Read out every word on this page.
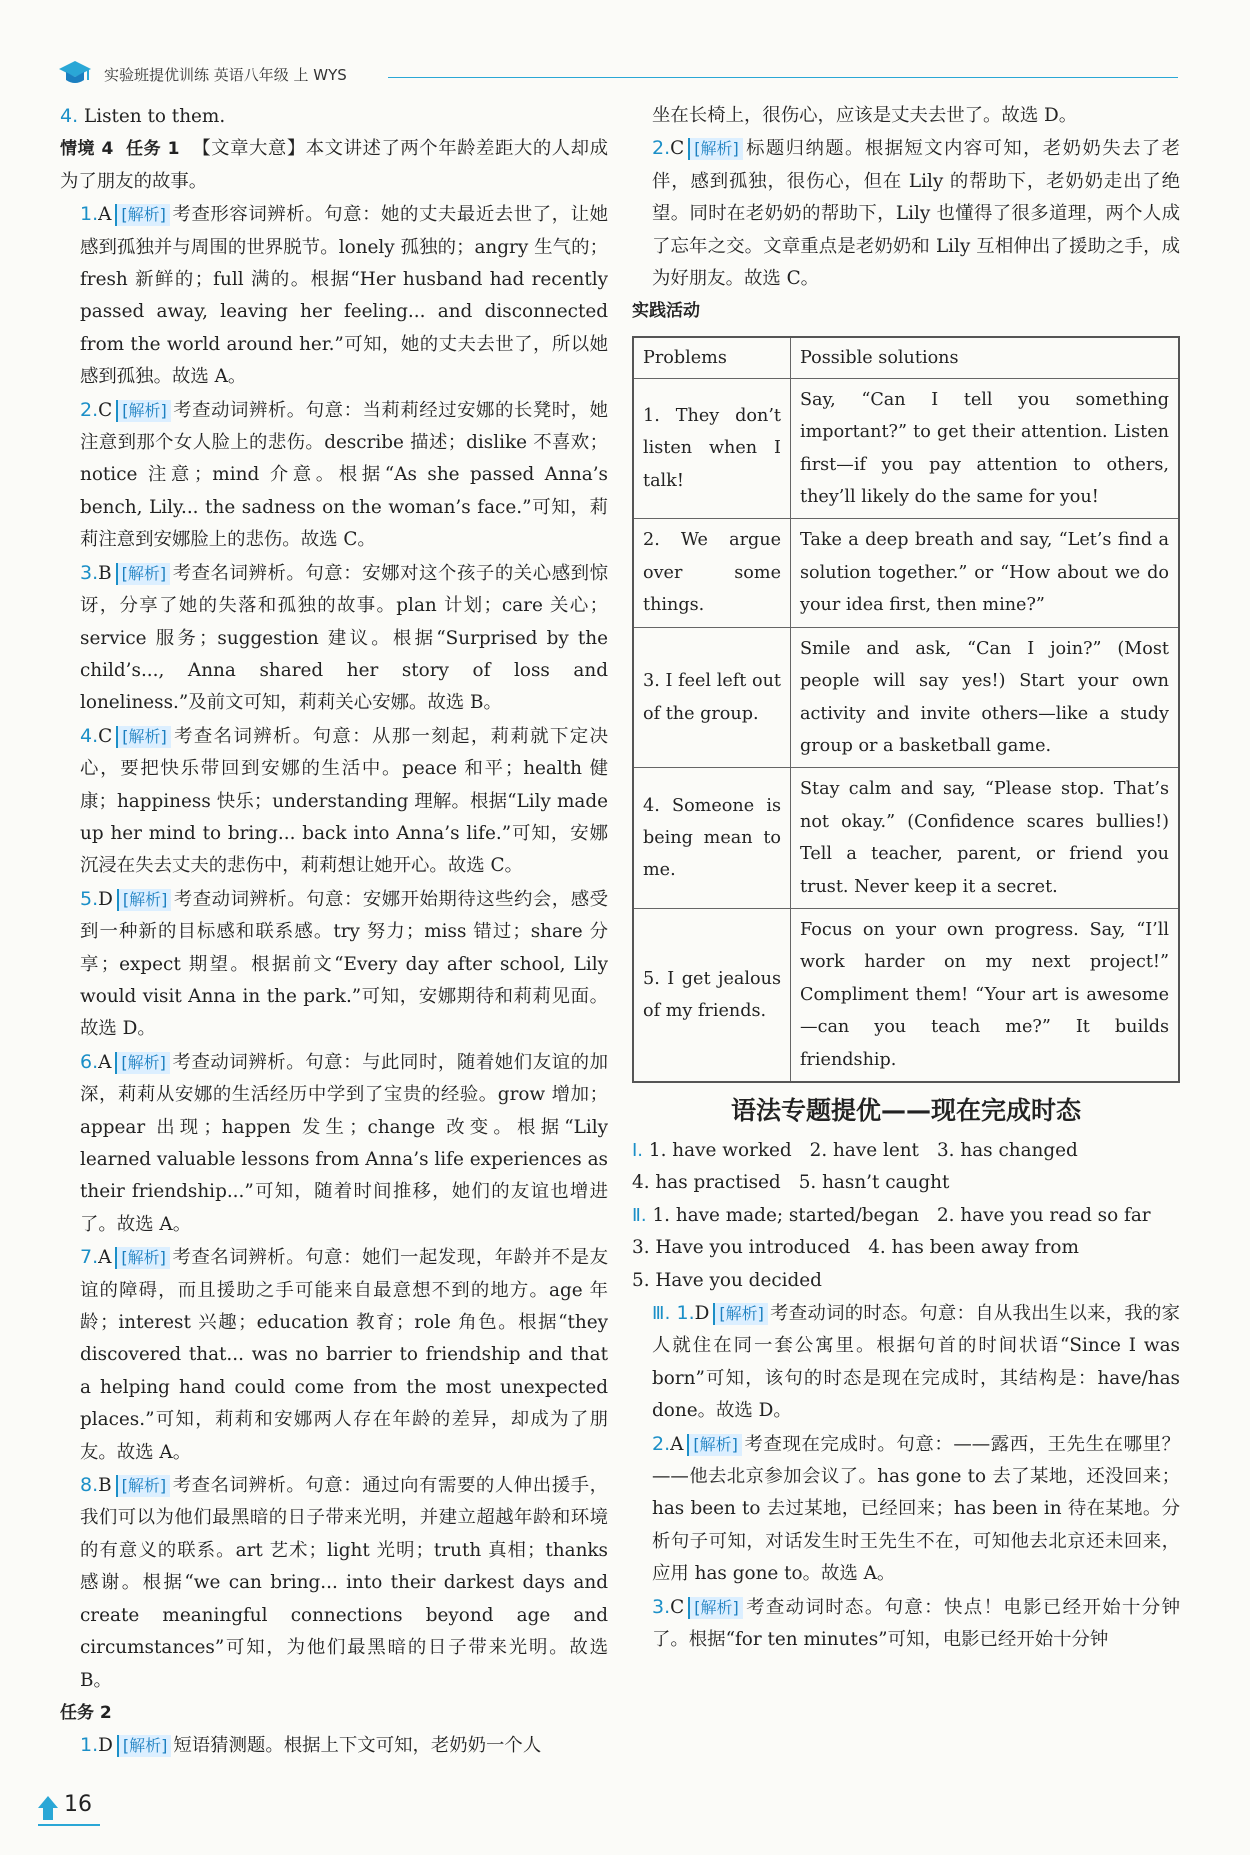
实验班提优训练 英语八年级 上 WYS

4. Listen to them.

情境 4 任务 1 【文章大意】本文讲述了两个年龄差距大的人却成为了朋友的故事。

1.A [解析] 考查形容词辨析。句意：她的丈夫最近去世了，让她感到孤独并与周围的世界脱节。lonely 孤独的；angry 生气的；fresh 新鲜的；full 满的。根据“Her husband had recently passed away, leaving her feeling... and disconnected from the world around her.”可知，她的丈夫去世了，所以她感到孤独。故选 A。

2.C [解析] 考查动词辨析。句意：当莉莉经过安娜的长凳时，她注意到那个女人脸上的悲伤。describe 描述；dislike 不喜欢；notice 注意；mind 介意。根据“As she passed Anna’s bench, Lily... the sadness on the woman’s face.”可知，莉莉注意到安娜脸上的悲伤。故选 C。

3.B [解析] 考查名词辨析。句意：安娜对这个孩子的关心感到惊讶，分享了她的失落和孤独的故事。plan 计划；care 关心；service 服务；suggestion 建议。根据“Surprised by the child’s..., Anna shared her story of loss and loneliness.”及前文可知，莉莉关心安娜。故选 B。

4.C [解析] 考查名词辨析。句意：从那一刻起，莉莉就下定决心，要把快乐带回到安娜的生活中。peace 和平；health 健康；happiness 快乐；understanding 理解。根据“Lily made up her mind to bring... back into Anna’s life.”可知，安娜沉浸在失去丈夫的悲伤中，莉莉想让她开心。故选 C。

5.D [解析] 考查动词辨析。句意：安娜开始期待这些约会，感受到一种新的目标感和联系感。try 努力；miss 错过；share 分享；expect 期望。根据前文“Every day after school, Lily would visit Anna in the park.”可知，安娜期待和莉莉见面。故选 D。

6.A [解析] 考查动词辨析。句意：与此同时，随着她们友谊的加深，莉莉从安娜的生活经历中学到了宝贵的经验。grow 增加；appear 出现；happen 发生；change 改变。根据“Lily learned valuable lessons from Anna’s life experiences as their friendship...”可知，随着时间推移，她们的友谊也增进了。故选 A。

7.A [解析] 考查名词辨析。句意：她们一起发现，年龄并不是友谊的障碍，而且援助之手可能来自最意想不到的地方。age 年龄；interest 兴趣；education 教育；role 角色。根据“they discovered that... was no barrier to friendship and that a helping hand could come from the most unexpected places.”可知，莉莉和安娜两人存在年龄的差异，却成为了朋友。故选 A。

8.B [解析] 考查名词辨析。句意：通过向有需要的人伸出援手，我们可以为他们最黑暗的日子带来光明，并建立超越年龄和环境的有意义的联系。art 艺术；light 光明；truth 真相；thanks 感谢。根据“we can bring... into their darkest days and create meaningful connections beyond age and circumstances”可知，为他们最黑暗的日子带来光明。故选 B。

任务 2

1.D [解析] 短语猜测题。根据上下文可知，老奶奶一个人

坐在长椅上，很伤心，应该是丈夫去世了。故选 D。

2.C [解析] 标题归纳题。根据短文内容可知，老奶奶失去了老伴，感到孤独，很伤心，但在 Lily 的帮助下，老奶奶走出了绝望。同时在老奶奶的帮助下，Lily 也懂得了很多道理，两个人成了忘年之交。文章重点是老奶奶和 Lily 互相伸出了援助之手，成为好朋友。故选 C。

实践活动

Problems	Possible solutions
1. They don’t listen when I talk!	Say, “Can I tell you something important?” to get their attention. Listen first—if you pay attention to others, they’ll likely do the same for you!
2. We argue over some things.	Take a deep breath and say, “Let’s find a solution together.” or “How about we do your idea first, then mine?”
3. I feel left out of the group.	Smile and ask, “Can I join?” (Most people will say yes!) Start your own activity and invite others—like a study group or a basketball game.
4. Someone is being mean to me.	Stay calm and say, “Please stop. That’s not okay.” (Confidence scares bullies!) Tell a teacher, parent, or friend you trust. Never keep it a secret.
5. I get jealous of my friends.	Focus on your own progress. Say, “I’ll work harder on my next project!” Compliment them! “Your art is awesome—can you teach me?” It builds friendship.
语法专题提优——现在完成时态

Ⅰ. 1. have worked 2. have lent 3. has changed

4. has practised 5. hasn’t caught

Ⅱ. 1. have made; started/began 2. have you read so far

3. Have you introduced 4. has been away from

5. Have you decided

Ⅲ. 1.D [解析] 考查动词的时态。句意：自从我出生以来，我的家人就住在同一套公寓里。根据句首的时间状语“Since I was born”可知，该句的时态是现在完成时，其结构是：have/has done。故选 D。

2.A [解析] 考查现在完成时。句意：——露西，王先生在哪里？——他去北京参加会议了。has gone to 去了某地，还没回来；has been to 去过某地，已经回来；has been in 待在某地。分析句子可知，对话发生时王先生不在，可知他去北京还未回来，应用 has gone to。故选 A。

3.C [解析] 考查动词时态。句意：快点！电影已经开始十分钟了。根据“for ten minutes”可知，电影已经开始十分钟

16
